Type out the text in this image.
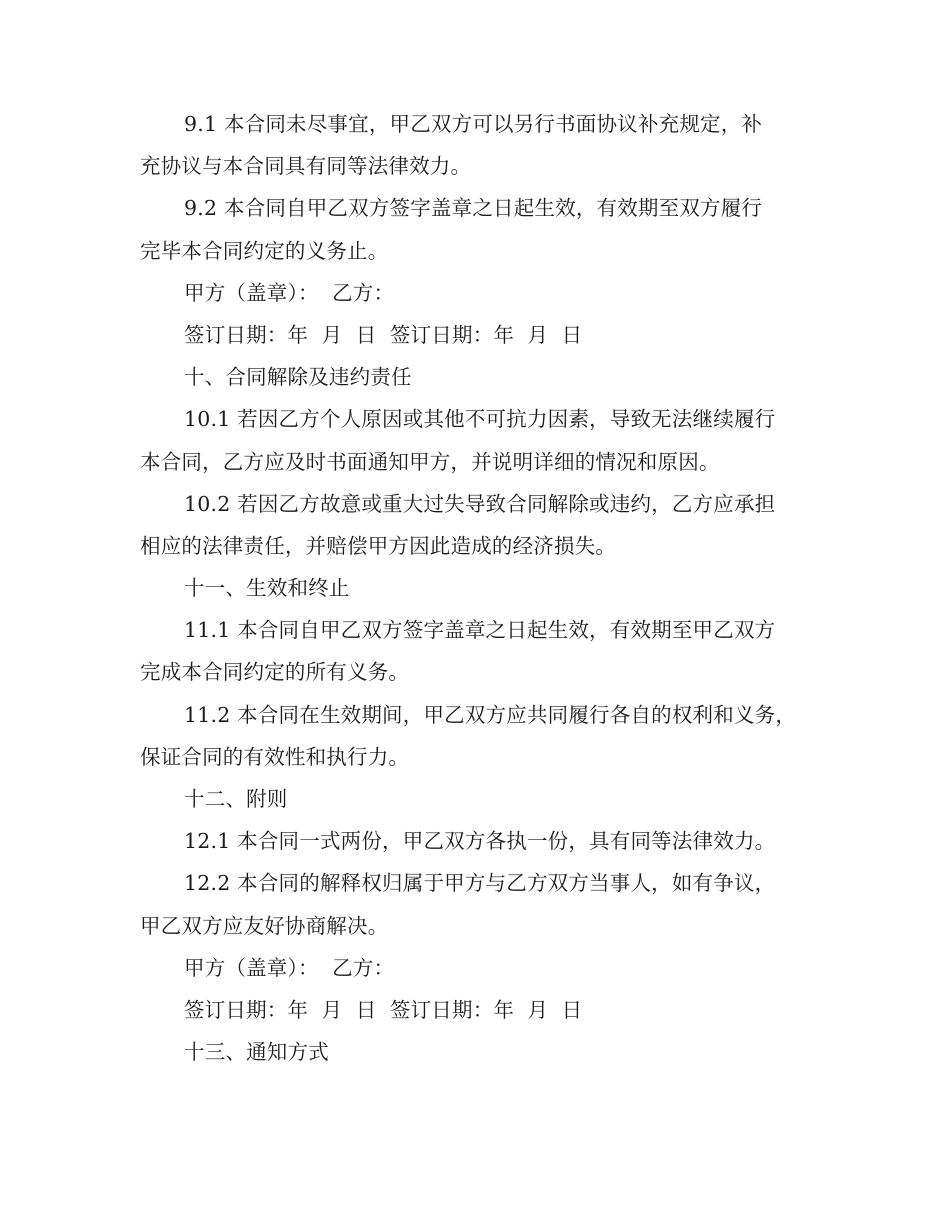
9.1 本合同未尽事宜，甲乙双方可以另行书面协议补充规定，补
充协议与本合同具有同等法律效力。
9.2 本合同自甲乙双方签字盖章之日起生效，有效期至双方履行
完毕本合同约定的义务止。
甲方（盖章）：  乙方：
签订日期：年  月  日  签订日期：年  月  日
十、合同解除及违约责任
10.1 若因乙方个人原因或其他不可抗力因素，导致无法继续履行
本合同，乙方应及时书面通知甲方，并说明详细的情况和原因。
10.2 若因乙方故意或重大过失导致合同解除或违约，乙方应承担
相应的法律责任，并赔偿甲方因此造成的经济损失。
十一、生效和终止
11.1 本合同自甲乙双方签字盖章之日起生效，有效期至甲乙双方
完成本合同约定的所有义务。
11.2 本合同在生效期间，甲乙双方应共同履行各自的权利和义务，
保证合同的有效性和执行力。
十二、附则
12.1 本合同一式两份，甲乙双方各执一份，具有同等法律效力。
12.2 本合同的解释权归属于甲方与乙方双方当事人，如有争议，
甲乙双方应友好协商解决。
甲方（盖章）：  乙方：
签订日期：年  月  日  签订日期：年  月  日
十三、通知方式
